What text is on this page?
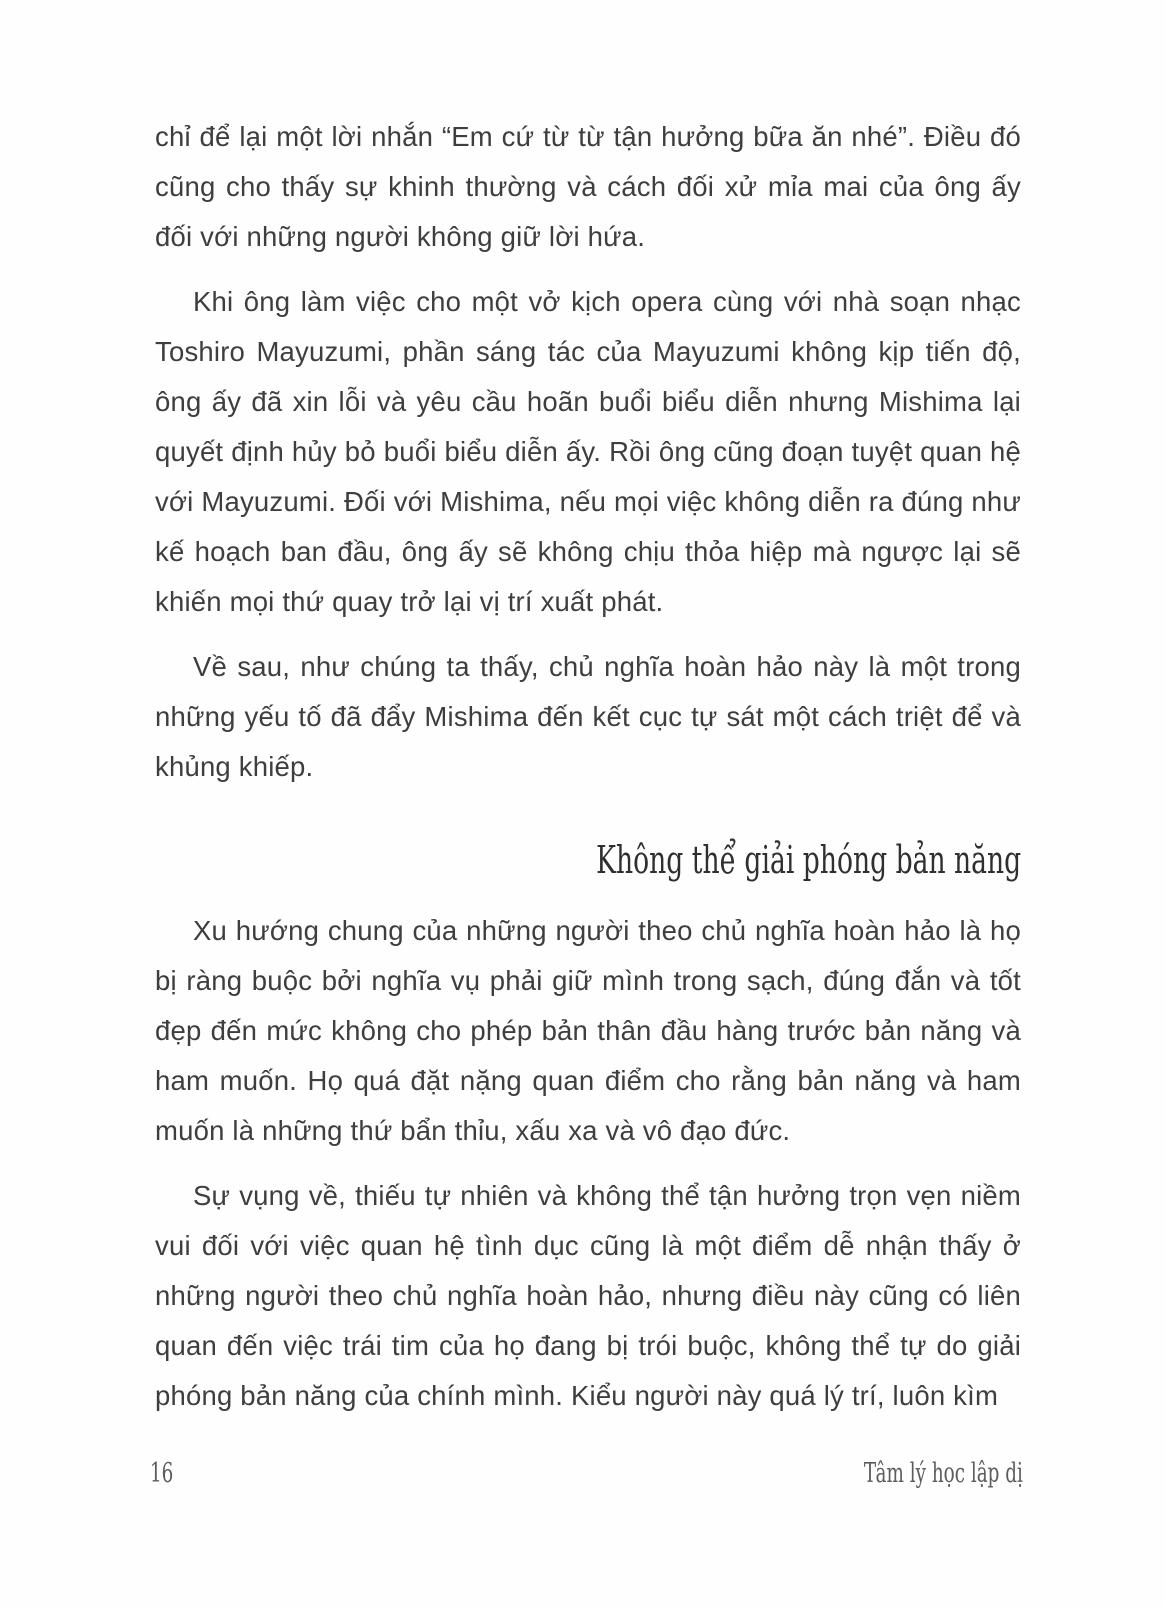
chỉ để lại một lời nhắn “Em cứ từ từ tận hưởng bữa ăn nhé”. Điều đó cũng cho thấy sự khinh thường và cách đối xử mỉa mai của ông ấy đối với những người không giữ lời hứa.

Khi ông làm việc cho một vở kịch opera cùng với nhà soạn nhạc Toshiro Mayuzumi, phần sáng tác của Mayuzumi không kịp tiến độ, ông ấy đã xin lỗi và yêu cầu hoãn buổi biểu diễn nhưng Mishima lại quyết định hủy bỏ buổi biểu diễn ấy. Rồi ông cũng đoạn tuyệt quan hệ với Mayuzumi. Đối với Mishima, nếu mọi việc không diễn ra đúng như kế hoạch ban đầu, ông ấy sẽ không chịu thỏa hiệp mà ngược lại sẽ khiến mọi thứ quay trở lại vị trí xuất phát.

Về sau, như chúng ta thấy, chủ nghĩa hoàn hảo này là một trong những yếu tố đã đẩy Mishima đến kết cục tự sát một cách triệt để và khủng khiếp.

Không thể giải phóng bản năng

Xu hướng chung của những người theo chủ nghĩa hoàn hảo là họ bị ràng buộc bởi nghĩa vụ phải giữ mình trong sạch, đúng đắn và tốt đẹp đến mức không cho phép bản thân đầu hàng trước bản năng và ham muốn. Họ quá đặt nặng quan điểm cho rằng bản năng và ham muốn là những thứ bẩn thỉu, xấu xa và vô đạo đức.

Sự vụng về, thiếu tự nhiên và không thể tận hưởng trọn vẹn niềm vui đối với việc quan hệ tình dục cũng là một điểm dễ nhận thấy ở những người theo chủ nghĩa hoàn hảo, nhưng điều này cũng có liên quan đến việc trái tim của họ đang bị trói buộc, không thể tự do giải phóng bản năng của chính mình. Kiểu người này quá lý trí, luôn kìm

16	Tâm lý học lập dị
